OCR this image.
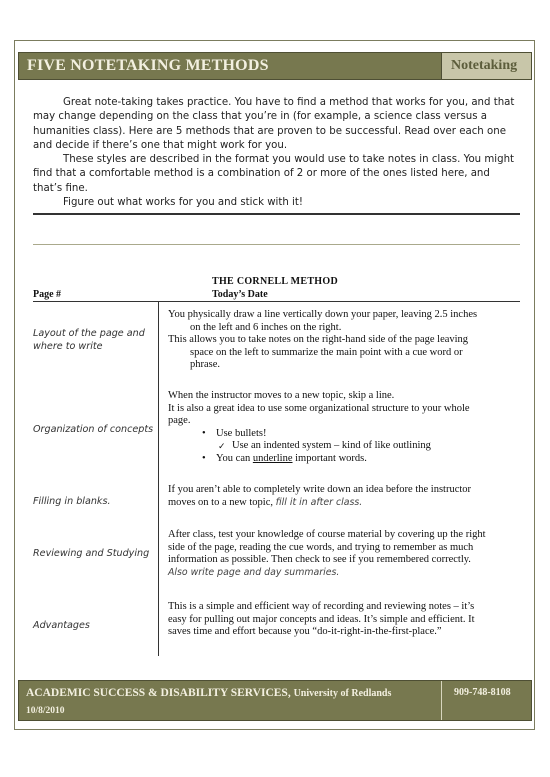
FIVE NOTETAKING METHODS	Notetaking

Great note-taking takes practice. You have to find a method that works for you, and that may change depending on the class that you’re in (for example, a science class versus a humanities class). Here are 5 methods that are proven to be successful. Read over each one and decide if there’s one that might work for you.

These styles are described in the format you would use to take notes in class. You might find that a comfortable method is a combination of 2 or more of the ones listed here, and that’s fine.

Figure out what works for you and stick with it!

THE CORNELL METHOD
Page #	Today’s Date
Layout of the page and where to write

You physically draw a line vertically down your paper, leaving 2.5 inches on the left and 6 inches on the right.

This allows you to take notes on the right-hand side of the page leaving space on the left to summarize the main point with a cue word or phrase.

Organization of concepts

When the instructor moves to a new topic, skip a line.

It is also a great idea to use some organizational structure to your whole page.

• Use bullets!
✓ Use an indented system – kind of like outlining
• You can underline important words.
Filling in blanks.

If you aren’t able to completely write down an idea before the instructor moves on to a new topic, fill it in after class.

Reviewing and Studying

After class, test your knowledge of course material by covering up the right side of the page, reading the cue words, and trying to remember as much information as possible. Then check to see if you remembered correctly. Also write page and day summaries.

Advantages

This is a simple and efficient way of recording and reviewing notes – it’s easy for pulling out major concepts and ideas. It’s simple and efficient. It saves time and effort because you “do-it-right-in-the-first-place.”

ACADEMIC SUCCESS & DISABILITY SERVICES, University of Redlands
10/8/2010
909-748-8108
